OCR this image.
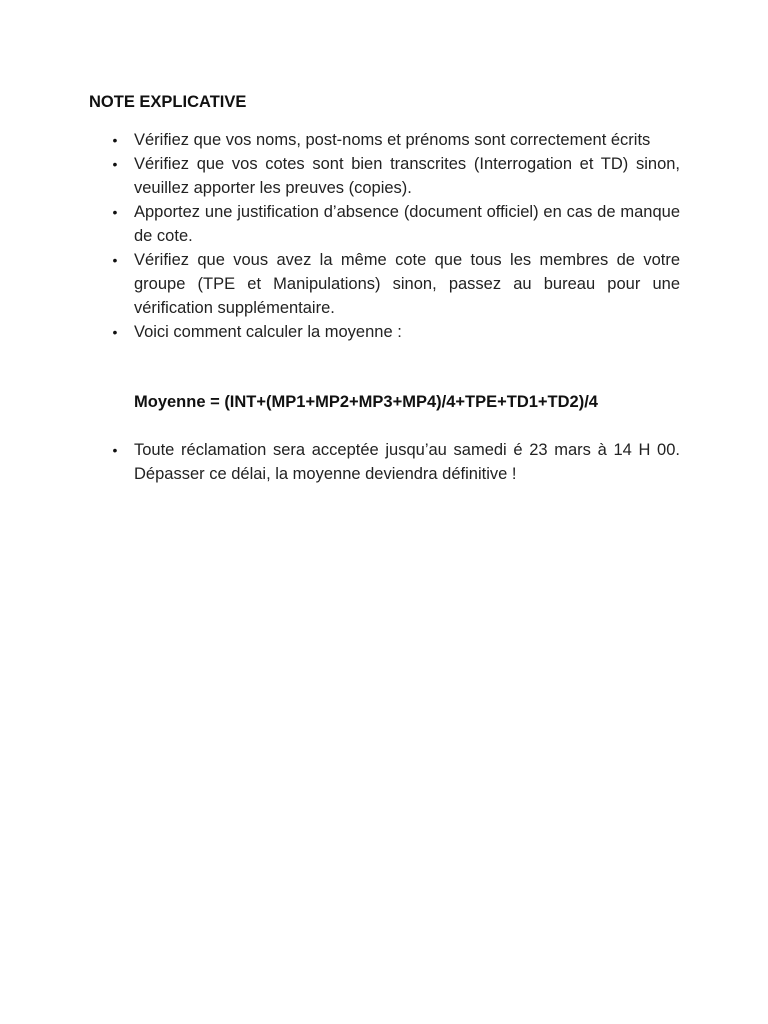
NOTE EXPLICATIVE
• Vérifiez que vos noms, post-noms et prénoms sont correctement écrits
• Vérifiez que vos cotes sont bien transcrites (Interrogation et TD) sinon, veuillez apporter les preuves (copies).
• Apportez une justification d’absence (document officiel) en cas de manque de cote.
• Vérifiez que vous avez la même cote que tous les membres de votre groupe (TPE et Manipulations) sinon, passez au bureau pour une vérification supplémentaire.
• Voici comment calculer la moyenne :
Moyenne = (INT+(MP1+MP2+MP3+MP4)/4+TPE+TD1+TD2)/4
• Toute réclamation sera acceptée jusqu’au samedi é 23 mars à 14 H 00. Dépasser ce délai, la moyenne deviendra définitive !
